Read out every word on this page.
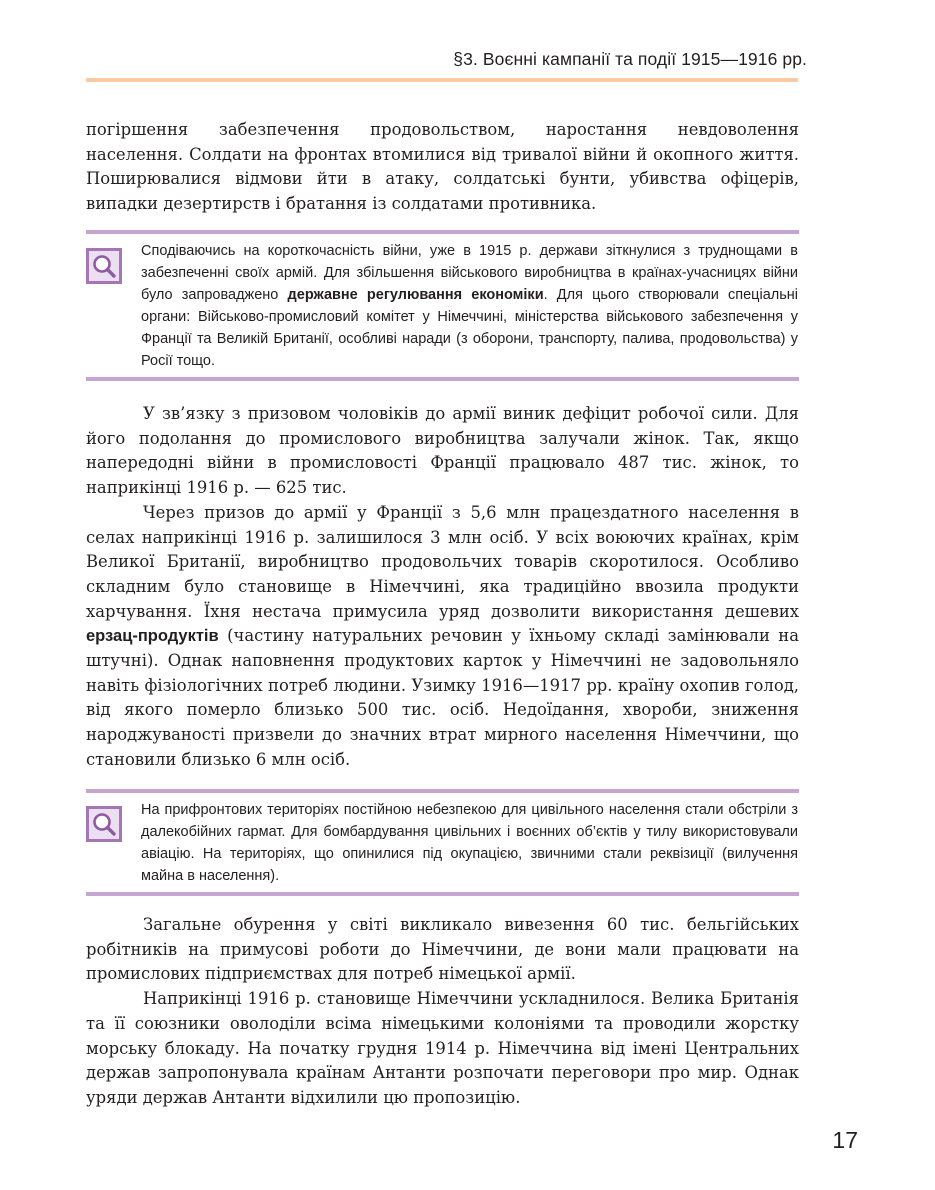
§3. Воєнні кампанії та події 1915—1916 рр.

погіршення забезпечення продовольством, наростання невдоволення населення. Солдати на фронтах втомилися від тривалої війни й окопного життя. Поширювалися відмови йти в атаку, солдатські бунти, убивства офіцерів, випадки дезертирств і братання із солдатами противника.

Сподіваючись на короткочасність війни, уже в 1915 р. держави зіткнулися з труднощами в забезпеченні своїх армій. Для збільшення військового виробництва в країнах-учасницях війни було запроваджено державне регулювання економіки. Для цього створювали спеціальні органи: Військово-промисловий комітет у Німеччині, міністерства військового забезпечення у Франції та Великій Британії, особливі наради (з оборони, транспорту, палива, продовольства) у Росії тощо.

У зв’язку з призовом чоловіків до армії виник дефіцит робочої сили. Для його подолання до промислового виробництва залучали жінок. Так, якщо напередодні війни в промисловості Франції працювало 487 тис. жінок, то наприкінці 1916 р. — 625 тис.

Через призов до армії у Франції з 5,6 млн працездатного населення в селах наприкінці 1916 р. залишилося 3 млн осіб. У всіх воюючих країнах, крім Великої Британії, виробництво продовольчих товарів скоротилося. Особливо складним було становище в Німеччині, яка традиційно ввозила продукти харчування. Їхня нестача примусила уряд дозволити використання дешевих ерзац-продуктів (частину натуральних речовин у їхньому складі замінювали на штучні). Однак наповнення продуктових карток у Німеччині не задовольняло навіть фізіологічних потреб людини. Узимку 1916—1917 рр. країну охопив голод, від якого померло близько 500 тис. осіб. Недоїдання, хвороби, зниження народжуваності призвели до значних втрат мирного населення Німеччини, що становили близько 6 млн осіб.

На прифронтових територіях постійною небезпекою для цивільного населення стали обстріли з далекобійних гармат. Для бомбардування цивільних і воєнних об’єктів у тилу використовували авіацію. На територіях, що опинилися під окупацією, звичними стали реквізиції (вилучення майна в населення).

Загальне обурення у світі викликало вивезення 60 тис. бельгійських робітників на примусові роботи до Німеччини, де вони мали працювати на промислових підприємствах для потреб німецької армії.

Наприкінці 1916 р. становище Німеччини ускладнилося. Велика Британія та її союзники оволоділи всіма німецькими колоніями та проводили жорстку морську блокаду. На початку грудня 1914 р. Німеччина від імені Центральних держав запропонувала країнам Антанти розпочати переговори про мир. Однак уряди держав Антанти відхилили цю пропозицію.

17
